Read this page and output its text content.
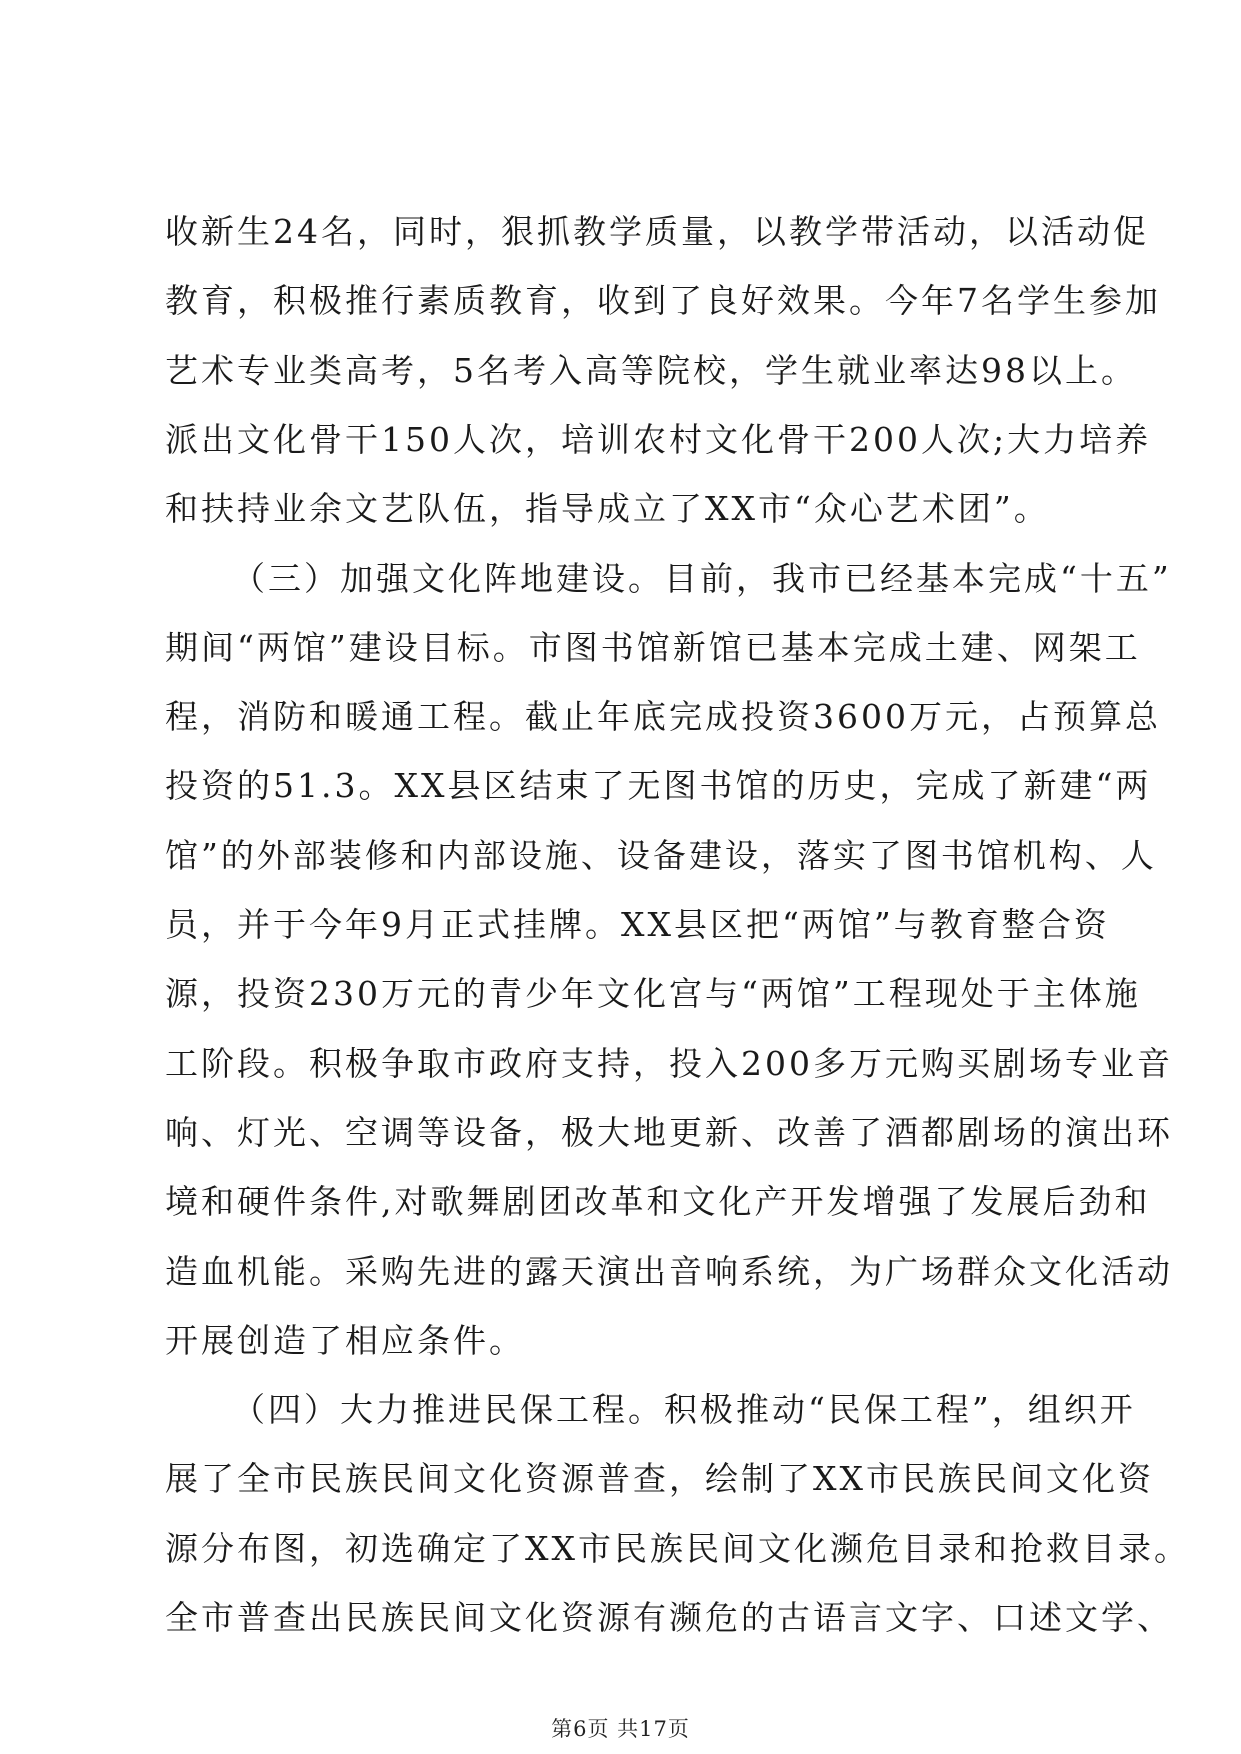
收新生24名，同时，狠抓教学质量，以教学带活动，以活动促
教育，积极推行素质教育，收到了良好效果。今年7名学生参加
艺术专业类高考，5名考入高等院校，学生就业率达98以上。
派出文化骨干150人次，培训农村文化骨干200人次;大力培养
和扶持业余文艺队伍，指导成立了XX市“众心艺术团”。
（三）加强文化阵地建设。目前，我市已经基本完成“十五”
期间“两馆”建设目标。市图书馆新馆已基本完成土建、网架工
程，消防和暖通工程。截止年底完成投资3600万元，占预算总
投资的51.3。XX县区结束了无图书馆的历史，完成了新建“两
馆”的外部装修和内部设施、设备建设，落实了图书馆机构、人
员，并于今年9月正式挂牌。XX县区把“两馆”与教育整合资
源，投资230万元的青少年文化宫与“两馆”工程现处于主体施
工阶段。积极争取市政府支持，投入200多万元购买剧场专业音
响、灯光、空调等设备，极大地更新、改善了酒都剧场的演出环
境和硬件条件,对歌舞剧团改革和文化产开发增强了发展后劲和
造血机能。采购先进的露天演出音响系统，为广场群众文化活动
开展创造了相应条件。
（四）大力推进民保工程。积极推动“民保工程”，组织开
展了全市民族民间文化资源普查，绘制了XX市民族民间文化资
源分布图，初选确定了XX市民族民间文化濒危目录和抢救目录。
第6页 共17页
全市普查出民族民间文化资源有濒危的古语言文字、口述文学、
